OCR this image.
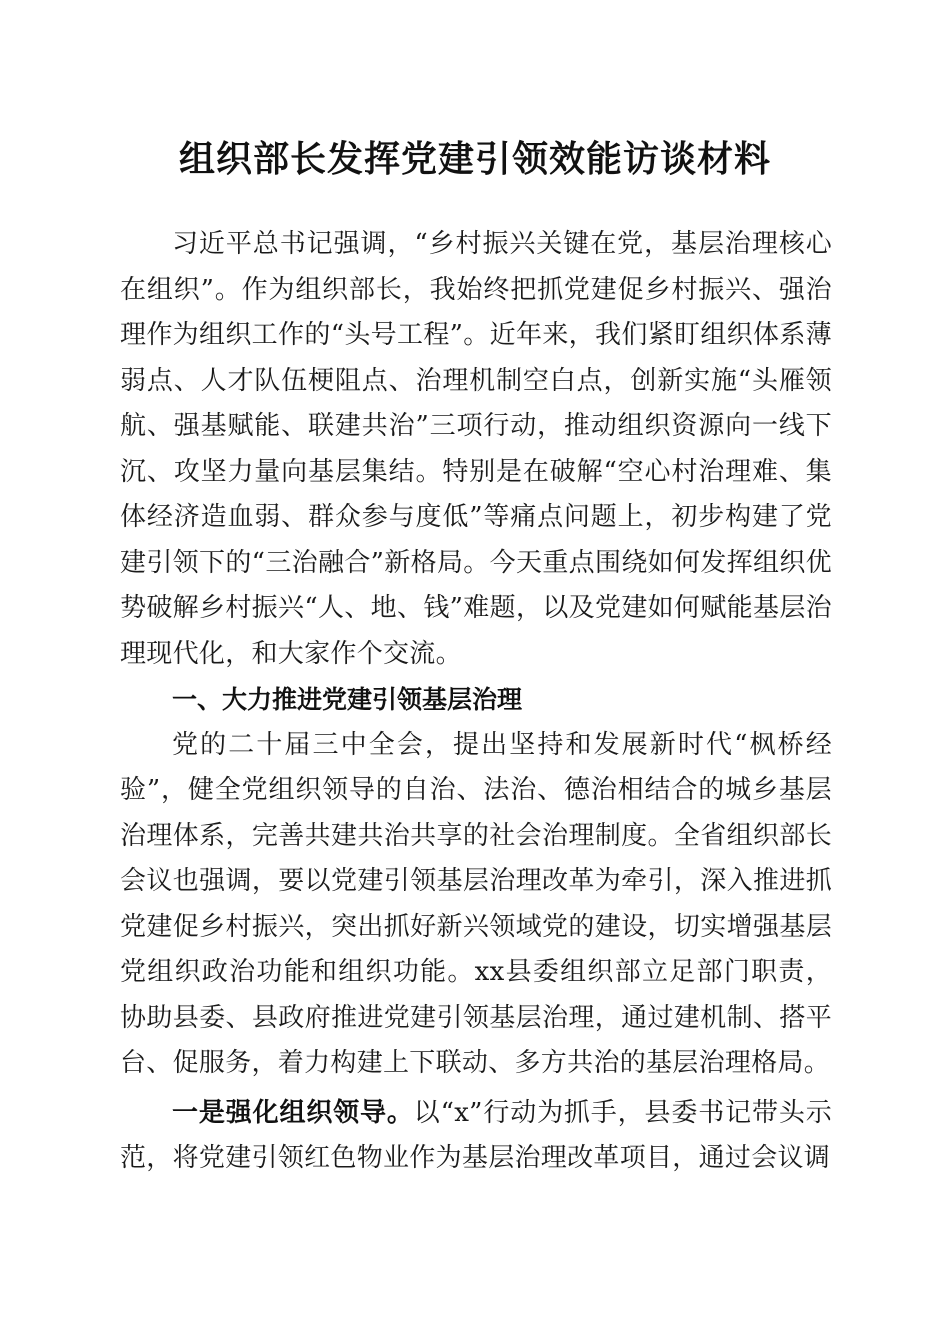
组织部长发挥党建引领效能访谈材料

习近平总书记强调，“乡村振兴关键在党，基层治理核心在组织”。作为组织部长，我始终把抓党建促乡村振兴、强治理作为组织工作的“头号工程”。近年来，我们紧盯组织体系薄弱点、人才队伍梗阻点、治理机制空白点，创新实施“头雁领航、强基赋能、联建共治”三项行动，推动组织资源向一线下沉、攻坚力量向基层集结。特别是在破解“空心村治理难、集体经济造血弱、群众参与度低”等痛点问题上，初步构建了党建引领下的“三治融合”新格局。今天重点围绕如何发挥组织优势破解乡村振兴“人、地、钱”难题，以及党建如何赋能基层治理现代化，和大家作个交流。

一、大力推进党建引领基层治理

党的二十届三中全会，提出坚持和发展新时代“枫桥经验”，健全党组织领导的自治、法治、德治相结合的城乡基层治理体系，完善共建共治共享的社会治理制度。全省组织部长会议也强调，要以党建引领基层治理改革为牵引，深入推进抓党建促乡村振兴，突出抓好新兴领域党的建设，切实增强基层党组织政治功能和组织功能。xx县委组织部立足部门职责，协助县委、县政府推进党建引领基层治理，通过建机制、搭平台、促服务，着力构建上下联动、多方共治的基层治理格局。

一是强化组织领导。以“x”行动为抓手，县委书记带头示范，将党建引领红色物业作为基层治理改革项目，通过会议调
